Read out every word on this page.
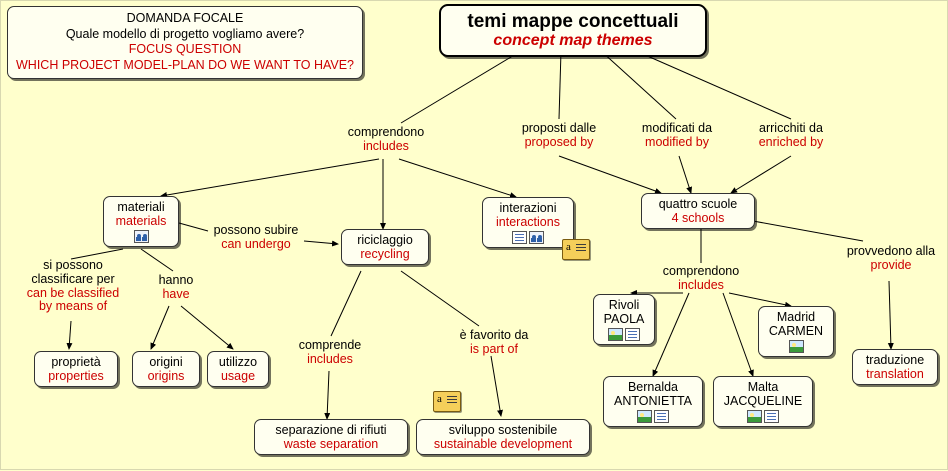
DOMANDA FOCALE
Quale modello di progetto vogliamo avere?
FOCUS QUESTION
WHICH PROJECT MODEL-PLAN DO WE WANT TO HAVE?
temi mappe concettuali
concept map themes
comprendono
includes
proposti dalle
proposed by
modificati da
modified by
arricchiti da
enriched by
materiali
materials
possono subire
can undergo	riciclaggio
recycling
interazioni
interactions
a
quattro scuole
4 schools
si possono classificare per
can be classified by means of
hanno
have
proprietà
properties
origini
origins
utilizzo
usage
comprende
includes
è favorito da
is part of
separazione di rifiuti
waste separation
sviluppo sostenibile
sustainable development
a
comprendono
includes
provvedono alla
provide
Rivoli
PAOLA
Bernalda
ANTONIETTA
Malta
JACQUELINE
Madrid
CARMEN
traduzione
translation
